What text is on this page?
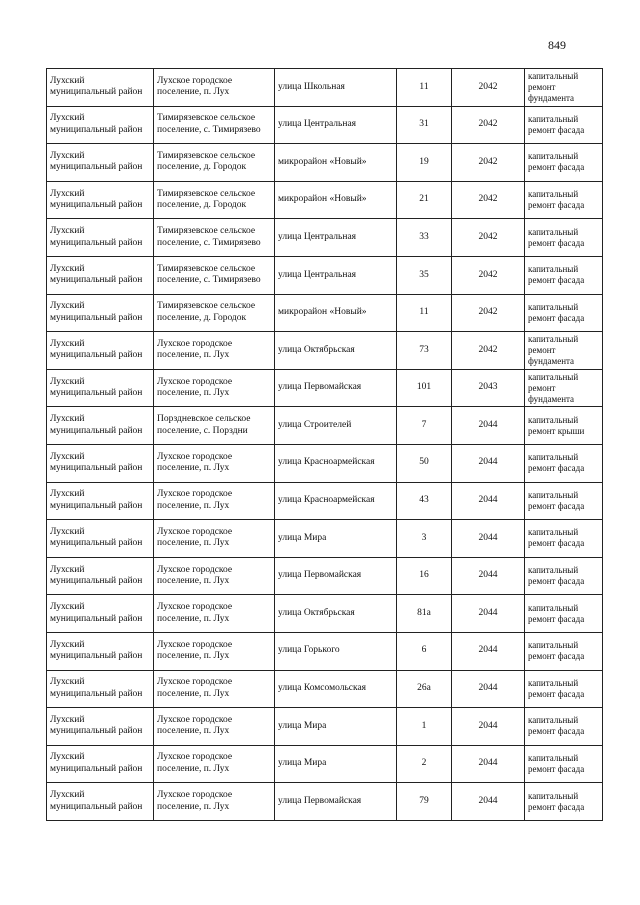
849
Лухский муниципальный район	Лухское городское поселение, п. Лух	улица Школьная	11	2042	капитальный ремонт фундамента
Лухский муниципальный район	Тимирязевское сельское поселение, с. Тимирязево	улица Центральная	31	2042	капитальный ремонт фасада
Лухский муниципальный район	Тимирязевское сельское поселение, д. Городок	микрорайон «Новый»	19	2042	капитальный ремонт фасада
Лухский муниципальный район	Тимирязевское сельское поселение, д. Городок	микрорайон «Новый»	21	2042	капитальный ремонт фасада
Лухский муниципальный район	Тимирязевское сельское поселение, с. Тимирязево	улица Центральная	33	2042	капитальный ремонт фасада
Лухский муниципальный район	Тимирязевское сельское поселение, с. Тимирязево	улица Центральная	35	2042	капитальный ремонт фасада
Лухский муниципальный район	Тимирязевское сельское поселение, д. Городок	микрорайон «Новый»	11	2042	капитальный ремонт фасада
Лухский муниципальный район	Лухское городское поселение, п. Лух	улица Октябрьская	73	2042	капитальный ремонт фундамента
Лухский муниципальный район	Лухское городское поселение, п. Лух	улица Первомайская	101	2043	капитальный ремонт фундамента
Лухский муниципальный район	Порздневское сельское поселение, с. Порздни	улица Строителей	7	2044	капитальный ремонт крыши
Лухский муниципальный район	Лухское городское поселение, п. Лух	улица Красноармейская	50	2044	капитальный ремонт фасада
Лухский муниципальный район	Лухское городское поселение, п. Лух	улица Красноармейская	43	2044	капитальный ремонт фасада
Лухский муниципальный район	Лухское городское поселение, п. Лух	улица Мира	3	2044	капитальный ремонт фасада
Лухский муниципальный район	Лухское городское поселение, п. Лух	улица Первомайская	16	2044	капитальный ремонт фасада
Лухский муниципальный район	Лухское городское поселение, п. Лух	улица Октябрьская	81а	2044	капитальный ремонт фасада
Лухский муниципальный район	Лухское городское поселение, п. Лух	улица Горького	6	2044	капитальный ремонт фасада
Лухский муниципальный район	Лухское городское поселение, п. Лух	улица Комсомольская	26а	2044	капитальный ремонт фасада
Лухский муниципальный район	Лухское городское поселение, п. Лух	улица Мира	1	2044	капитальный ремонт фасада
Лухский муниципальный район	Лухское городское поселение, п. Лух	улица Мира	2	2044	капитальный ремонт фасада
Лухский муниципальный район	Лухское городское поселение, п. Лух	улица Первомайская	79	2044	капитальный ремонт фасада
